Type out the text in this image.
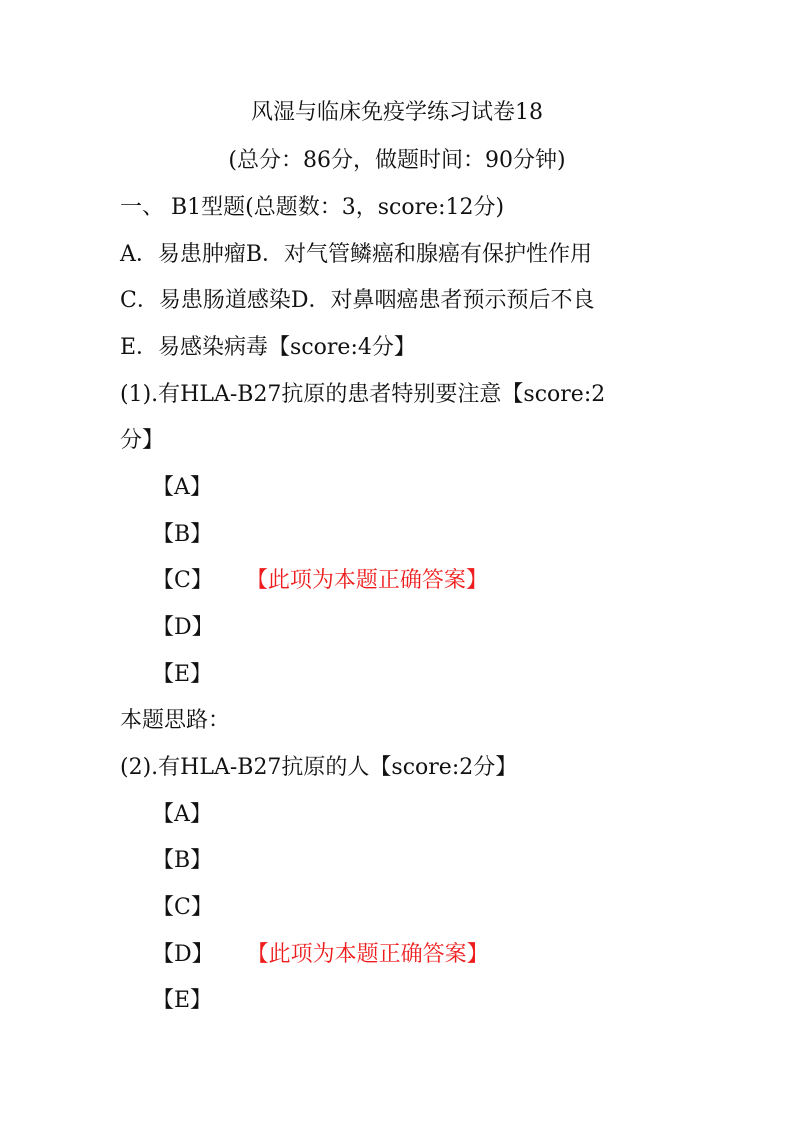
风湿与临床免疫学练习试卷18
(总分：86分，做题时间：90分钟)
一、 B1型题(总题数：3，score:12分)
A．易患肿瘤B．对气管鳞癌和腺癌有保护性作用
C．易患肠道感染D．对鼻咽癌患者预示预后不良
E．易感染病毒【score:4分】
(1).有HLA-B27抗原的患者特别要注意【score:2
分】
【A】
【B】
【C】 【此项为本题正确答案】
【D】
【E】
本题思路：
(2).有HLA-B27抗原的人【score:2分】
【A】
【B】
【C】
【D】 【此项为本题正确答案】
【E】
